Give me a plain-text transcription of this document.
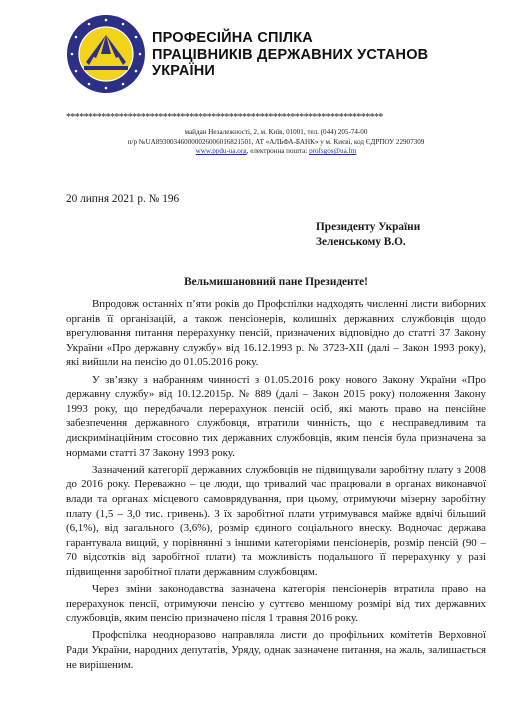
ПРОФЕСІЙНА СПІЛКА
ПРАЦІВНИКІВ ДЕРЖАВНИХ УСТАНОВ
УКРАЇНИ
************************************************************************
майдан Незалежності, 2, м. Київ, 01001, тел. (044) 205-74-00
п/р №UA893003460000026006016821501, АТ «АЛЬФА-БАНК» у м. Києві, код ЄДРПОУ 22907309
www.ppdu-ua.org, електронна пошта: profsgos@ua.fm
20 липня 2021 р. № 196
Президенту України
Зеленському В.О.
Вельмишановний пане Президенте!

Впродовж останніх п’яти років до Профспілки надходять численні листи виборних органів її організацій, а також пенсіонерів, колишніх державних службовців щодо врегулювання питання перерахунку пенсій, призначених відповідно до статті 37 Закону України «Про державну службу» від 16.12.1993 р. № 3723-XII (далі – Закон 1993 року), які вийшли на пенсію до 01.05.2016 року.

У зв’язку з набранням чинності з 01.05.2016 року нового Закону України «Про державну службу» від 10.12.2015р. № 889 (далі – Закон 2015 року) положення Закону 1993 року, що передбачали перерахунок пенсій осіб, які мають право на пенсійне забезпечення державного службовця, втратили чинність, що є несправедливим та дискримінаційним стосовно тих державних службовців, яким пенсія була призначена за нормами статті 37 Закону 1993 року.

Зазначений категорії державних службовців не підвищували заробітну плату з 2008 до 2016 року. Переважно – це люди, що тривалий час працювали в органах виконавчої влади та органах місцевого самоврядування, при цьому, отримуючи мізерну заробітну плату (1,5 – 3,0 тис. гривень). З їх заробітної плати утримувався майже вдвічі більший (6,1%), від загального (3,6%), розмір єдиного соціального внеску. Водночас держава гарантувала вищий, у порівнянні з іншими категоріями пенсіонерів, розмір пенсій (90 – 70 відсотків від заробітної плати) та можливість подальшого її перерахунку у разі підвищення заробітної плати державним службовцям.

Через зміни законодавства зазначена категорія пенсіонерів втратила право на перерахунок пенсії, отримуючи пенсію у суттєво меншому розмірі від тих державних службовців, яким пенсію призначено після 1 травня 2016 року.

Профспілка неодноразово направляла листи до профільних комітетів Верховної Ради України, народних депутатів, Уряду, однак зазначене питання, на жаль, залишається не вирішеним.
